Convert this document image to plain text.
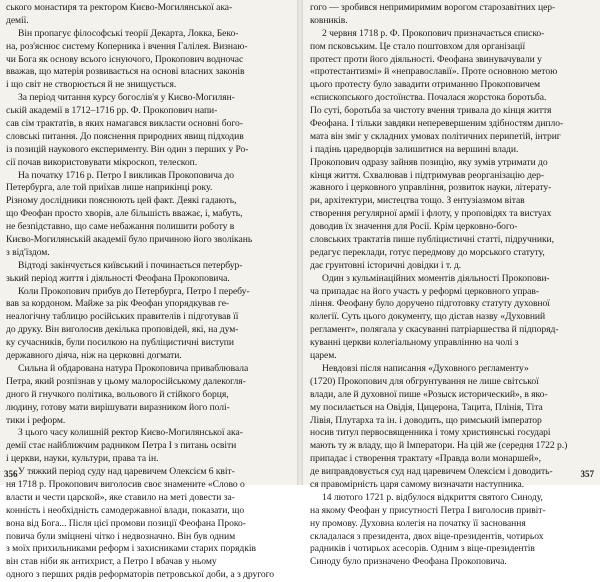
ського монастиря та ректором Києво-Могилянської ака-
демії.
Він пропагує філософські теорії Декарта, Локка, Беко-
на, роз'яснює систему Коперника і вчення Галілея. Визнаю-
чи Бога як основу всього існуючого, Прокопович водночас
вважав, що матерія розвивається на основі власних законів
і що світ не створюється й не знищується.
За період читання курсу богослів'я у Києво-Могилян-
ській академії в 1712–1716 рр. Ф. Прокопович напи-
сав сім трактатів, в яких намагався викласти основні бого-
словські питання. До пояснення природних явищ підходив
із позицій наукового експерименту. Він один з перших у Ро-
сії почав використовувати мікроскоп, телескоп.
На початку 1716 р. Петро І викликав Прокоповича до
Петербурга, але той приїхав лише наприкінці року.
Різному дослідники пояснюють цей факт. Деякі гадають,
що Феофан просто хворів, але більшість вважає, і, мабуть,
не безпідставно, що саме небажання полишити роботу в
Києво-Могилянській академії було причиною його зволікань
з від'їздом.
Відтоді закінчується київський і починається петербур-
зький період життя і діяльності Феофана Прокоповича.
Коли Прокопович прибув до Петербурга, Петро І перебу-
вав за кордоном. Майже за рік Феофан упорядкував ге-
неалогічну таблицю російських правителів і підготував її
до друку. Він виголосив декілька проповідей, які, на дум-
ку сучасників, були посилкою на публіцистичні виступи
державного діяча, ніж на церковні догмати.
Сильна й обдарована натура Прокоповича приваблювала
Петра, який розпізнав у цьому малоросійському далекогля-
дного й гнучкого політика, вольового й стійкого борця,
людину, готову мати вирішувати виразником його полі-
тики і реформ.
З цього часу колишній ректор Києво-Могилянської ака-
демії стає найближчим радником Петра І з питань освіти
і церкви, науки, культури, права та ін.
У тяжкий період суду над царевичем Олексієм 6 квіт-
ня 1718 р. Прокопович виголосив своє знамените «Слово о
власти и чести царской», яке ставило на меті довести за-
конність і необхідність самодержавної влади, показати, що
вона від Бога... Після цієї промови позиції Феофана Проко-
повича були зміцнені чітко і недвозначно. Він був одним
з моїх прихильниками реформ і захисниками старих порядків
він став ніби як антихрист, а Петро І вбачав у ньому
одного з перших рядів реформаторів петровської доби, а з другого
356
гого — зробився непримиримим ворогом старозавітних цер-
ковників.
2 червня 1718 р. Ф. Прокопович призначається єписко-
пом псковським. Це стало поштовхом для організації
протест проти його діяльності. Феофана звинувачували у
«протестантизмі» й «неправославії». Проте основною метою
цього протесту було завадити отриманню Прокоповичем
«єпископського достоїнства. Почалася жорстока боротьба.
По суті, боротьба за чистоту вчення тривала до кінця життя
Феофана. І тільки завдяки неперевершеним здібностям дипло-
мата він зміг у складних умовах політичних перипетій, інтриг
і падінь царедворців залишитися на вершині влади.
Прокопович одразу зайняв позицію, яку зумів утримати до
кінця життя. Схвалював і підтримував реорганізацію дер-
жавного і церковного управління, розвиток науки, літерату-
ри, архітектури, мистецтва тощо. З ентузіазмом вітав
створення регулярної армії і флоту, у проповідях та вистуах
доводив їх значення для Росії. Крім церковно-бого-
словських трактатів пише публіцистичні статті, підручники,
редагує переклади, готує передмову до морського статуту,
дає грунтовні історичні довідки і т. д.
Один з кульмінаційних моментів діяльності Прокопови-
ча припадає на його участь у реформі церковного управ-
ління. Феофану було доручено підготовку статуту духовної
колегії. Суть цього документу, що дістав назву «Духовний
регламент», полягала у скасуванні патріаршества й підпоряд-
куванні церкви колегіальному управлінню на чолі з
царем.
Невдовзі після написання «Духовного регламенту»
(1720) Прокопович для обгрунтування не лише світської
влади, але й духовної пише «Розыск исторический», в яко-
му посилається на Овідія, Цицерона, Тацита, Плінія, Тіта
Лівія, Плутарха та ін. і доводить, що римський імператор
носив титул первосвященника і тому християнські государі
мають ту ж владу, що й Імператори. На цій же (середня 1722 р.)
припадає і створення трактату «Правда воли монаршей»,
де виправдовується суд над царевичем Олексієм і доводить-
ся правомірність царя самому визначати наступника.
14 лютого 1721 р. відбулося відкриття святого Синоду,
на якому Феофан у присутності Петра І виголосив привіт-
ну промову. Духовна колегія на початку її засновання
складалася з президента, двох віце-президентів, чотирьох
радників і чотирьох асесорів. Одним з віце-президентів
Синоду було призначено Феофана Прокоповича.
357
